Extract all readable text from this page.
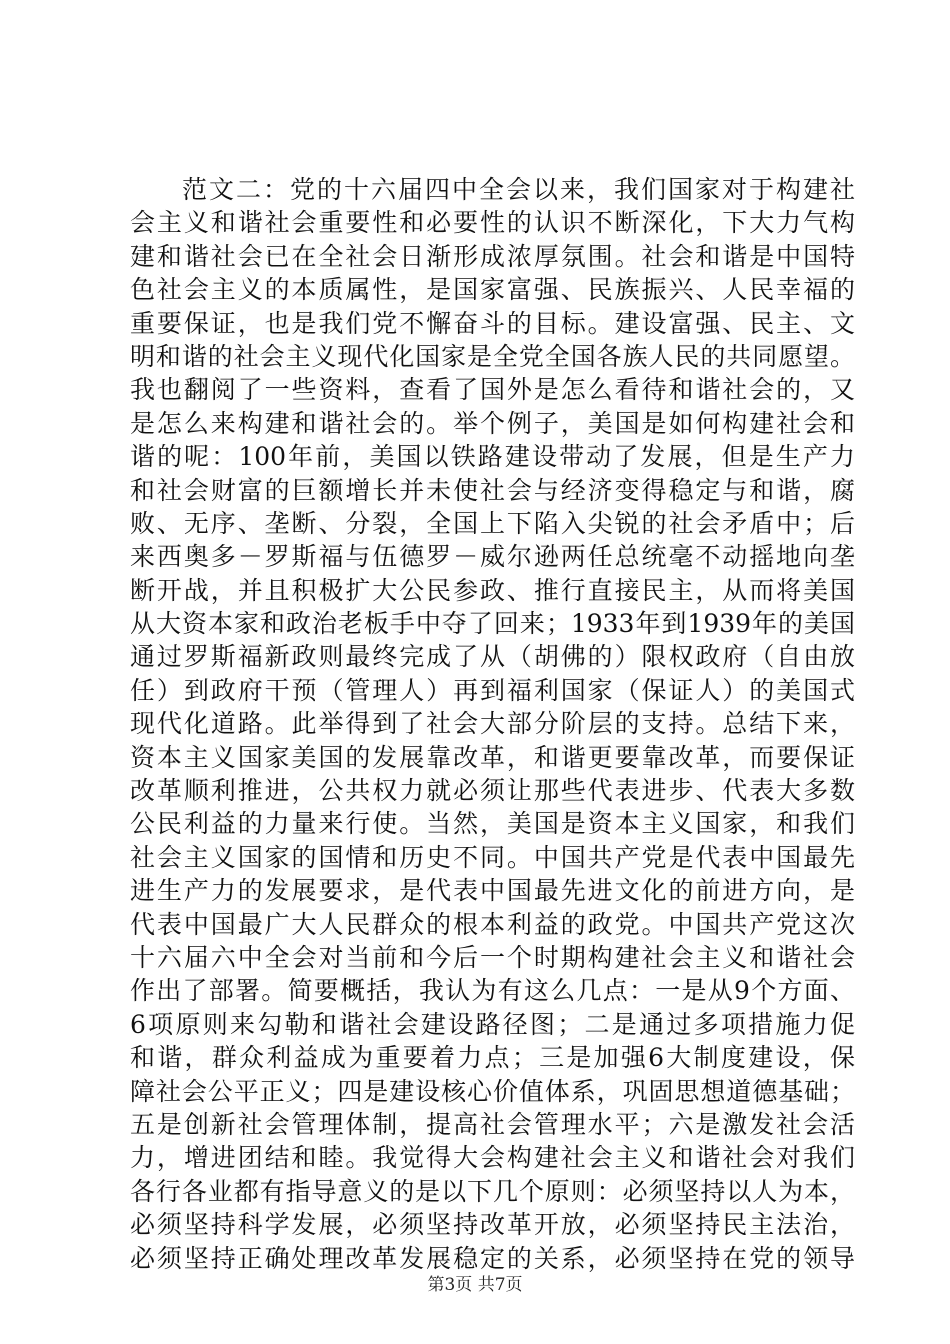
范文二：党的十六届四中全会以来，我们国家对于构建社
会主义和谐社会重要性和必要性的认识不断深化，下大力气构
建和谐社会已在全社会日渐形成浓厚氛围。社会和谐是中国特
色社会主义的本质属性，是国家富强、民族振兴、人民幸福的
重要保证，也是我们党不懈奋斗的目标。建设富强、民主、文
明和谐的社会主义现代化国家是全党全国各族人民的共同愿望。
我也翻阅了一些资料，查看了国外是怎么看待和谐社会的，又
是怎么来构建和谐社会的。举个例子，美国是如何构建社会和
谐的呢：100年前，美国以铁路建设带动了发展，但是生产力
和社会财富的巨额增长并未使社会与经济变得稳定与和谐，腐
败、无序、垄断、分裂，全国上下陷入尖锐的社会矛盾中；后
来西奥多－罗斯福与伍德罗－威尔逊两任总统毫不动摇地向垄
断开战，并且积极扩大公民参政、推行直接民主，从而将美国
从大资本家和政治老板手中夺了回来；1933年到1939年的美国
通过罗斯福新政则最终完成了从（胡佛的）限权政府（自由放
任）到政府干预（管理人）再到福利国家（保证人）的美国式
现代化道路。此举得到了社会大部分阶层的支持。总结下来，
资本主义国家美国的发展靠改革，和谐更要靠改革，而要保证
改革顺利推进，公共权力就必须让那些代表进步、代表大多数
公民利益的力量来行使。当然，美国是资本主义国家，和我们
社会主义国家的国情和历史不同。中国共产党是代表中国最先
进生产力的发展要求，是代表中国最先进文化的前进方向，是
代表中国最广大人民群众的根本利益的政党。中国共产党这次
十六届六中全会对当前和今后一个时期构建社会主义和谐社会
作出了部署。简要概括，我认为有这么几点：一是从9个方面、
6项原则来勾勒和谐社会建设路径图；二是通过多项措施力促
和谐，群众利益成为重要着力点；三是加强6大制度建设，保
障社会公平正义；四是建设核心价值体系，巩固思想道德基础；
五是创新社会管理体制，提高社会管理水平；六是激发社会活
力，增进团结和睦。我觉得大会构建社会主义和谐社会对我们
各行各业都有指导意义的是以下几个原则：必须坚持以人为本，
必须坚持科学发展，必须坚持改革开放，必须坚持民主法治，
必须坚持正确处理改革发展稳定的关系，必须坚持在党的领导
第3页 共7页
